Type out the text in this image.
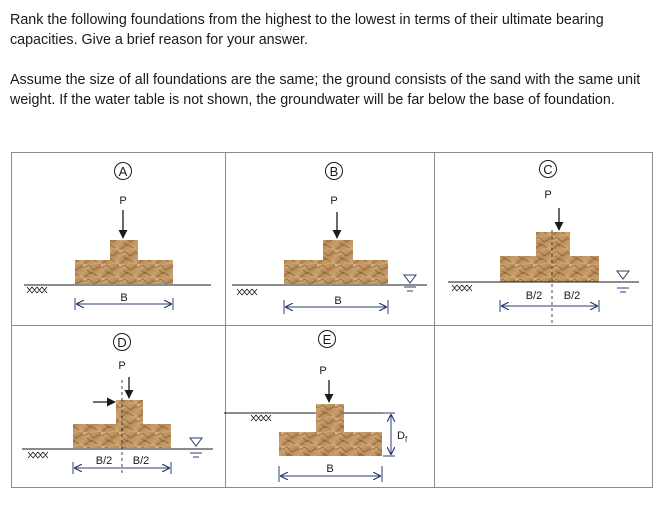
Rank the following foundations from the highest to the lowest in terms of their ultimate bearing capacities. Give a brief reason for your answer.

Assume the size of all foundations are the same; the ground consists of the sand with the same unit weight. If the water table is not shown, the groundwater will be far below the base of foundation.

A
P
B
B
P
B
C
P
B/2 B/2
D
P
B/2 B/2
E
P
$D_f$
B
